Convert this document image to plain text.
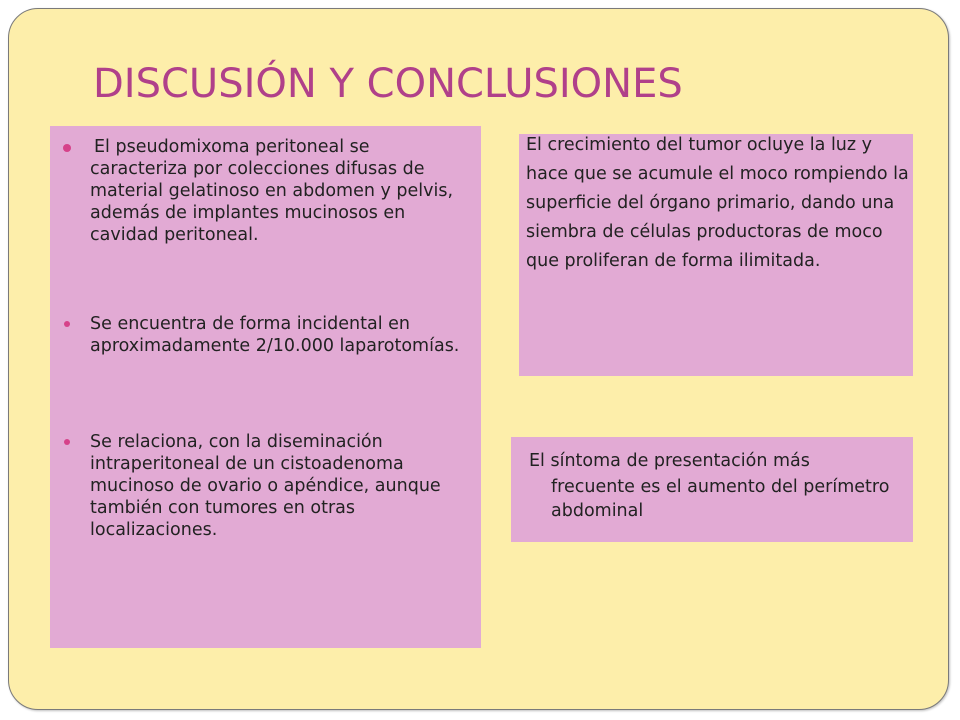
DISCUSIÓN Y CONCLUSIONES
El pseudomixoma peritoneal se caracteriza por colecciones difusas de material gelatinoso en abdomen y pelvis, además de implantes mucinosos en cavidad peritoneal.
Se encuentra de forma incidental en aproximadamente 2/10.000 laparotomías.
Se relaciona, con la diseminación intraperitoneal de un cistoadenoma mucinoso de ovario o apéndice, aunque también con tumores en otras localizaciones.

El crecimiento del tumor ocluye la luz y hace que se acumule el moco rompiendo la superficie del órgano primario, dando una siembra de células productoras de moco que proliferan de forma ilimitada.

El síntoma de presentación más
frecuente es el aumento del perímetro abdominal
